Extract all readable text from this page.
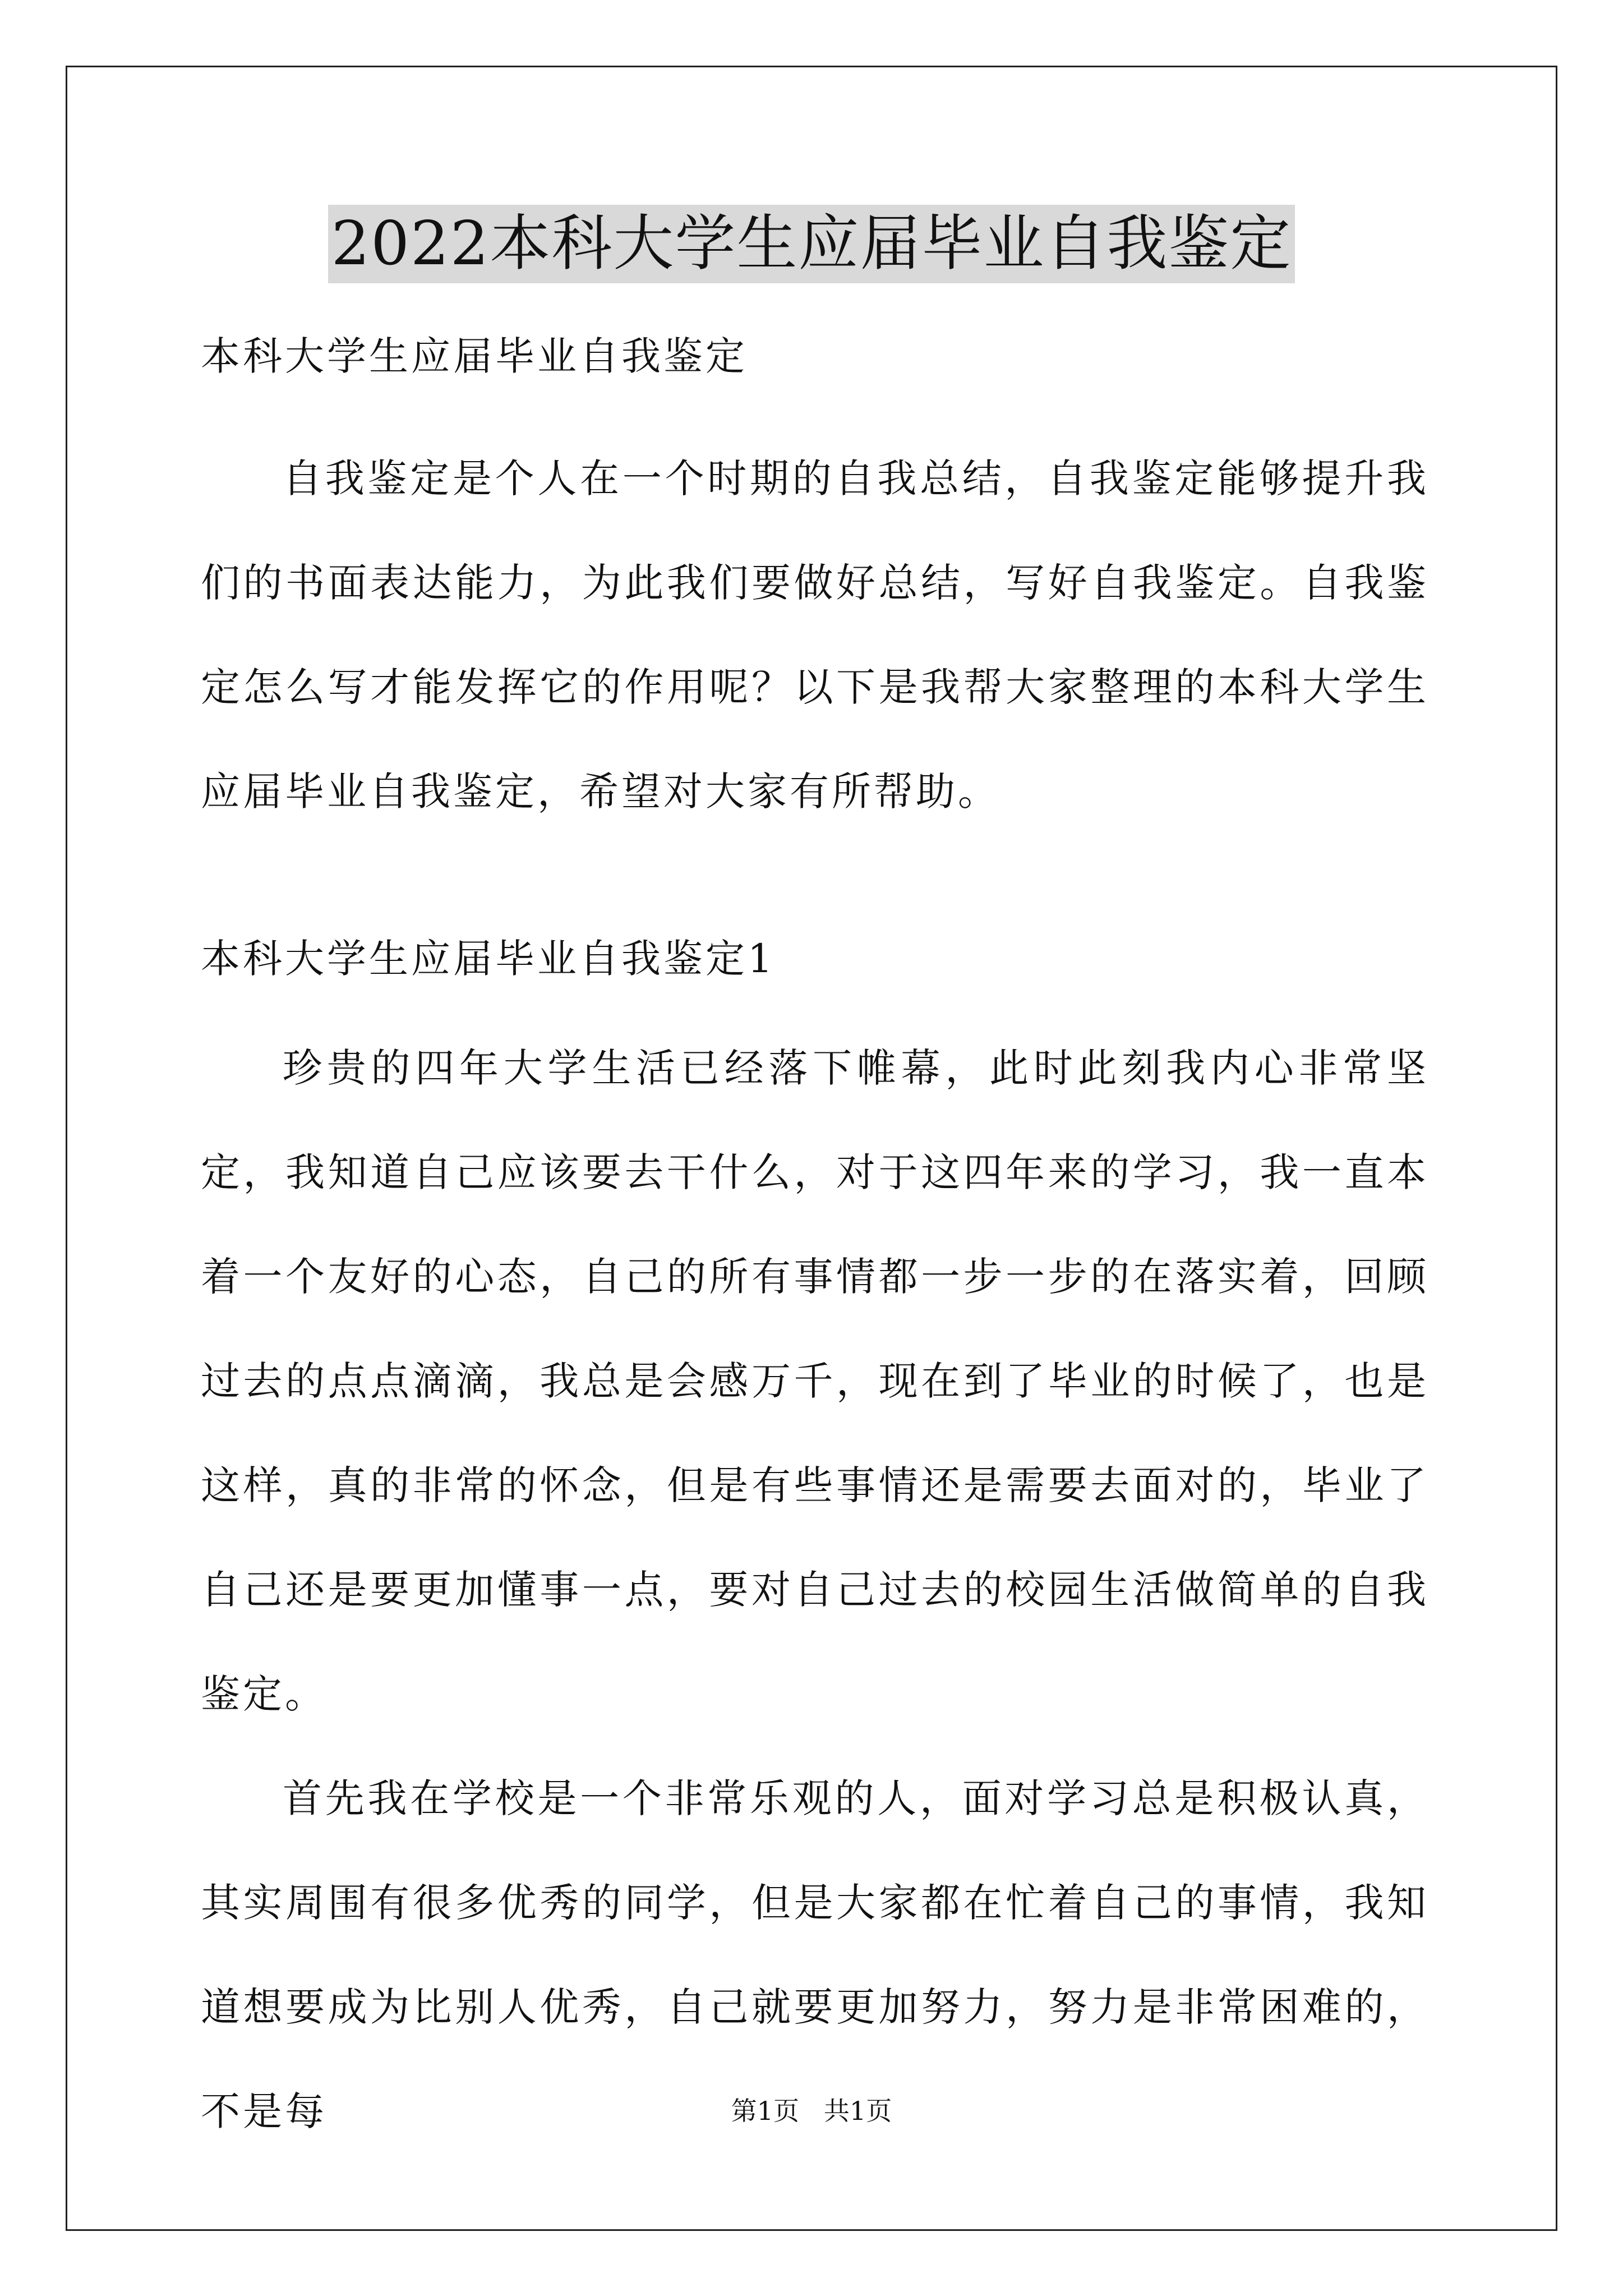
2022本科大学生应届毕业自我鉴定

本科大学生应届毕业自我鉴定

自我鉴定是个人在一个时期的自我总结，自我鉴定能够提升我们的书面表达能力，为此我们要做好总结，写好自我鉴定。自我鉴定怎么写才能发挥它的作用呢？以下是我帮大家整理的本科大学生应届毕业自我鉴定，希望对大家有所帮助。

本科大学生应届毕业自我鉴定1

珍贵的四年大学生活已经落下帷幕，此时此刻我内心非常坚定，我知道自己应该要去干什么，对于这四年来的学习，我一直本着一个友好的心态，自己的所有事情都一步一步的在落实着，回顾过去的点点滴滴，我总是会感万千，现在到了毕业的时候了，也是这样，真的非常的怀念，但是有些事情还是需要去面对的，毕业了自己还是要更加懂事一点，要对自己过去的校园生活做简单的自我鉴定。

首先我在学校是一个非常乐观的人，面对学习总是积极认真，其实周围有很多优秀的同学，但是大家都在忙着自己的事情，我知道想要成为比别人优秀，自己就要更加努力，努力是非常困难的，不是每	第1页   共1页
